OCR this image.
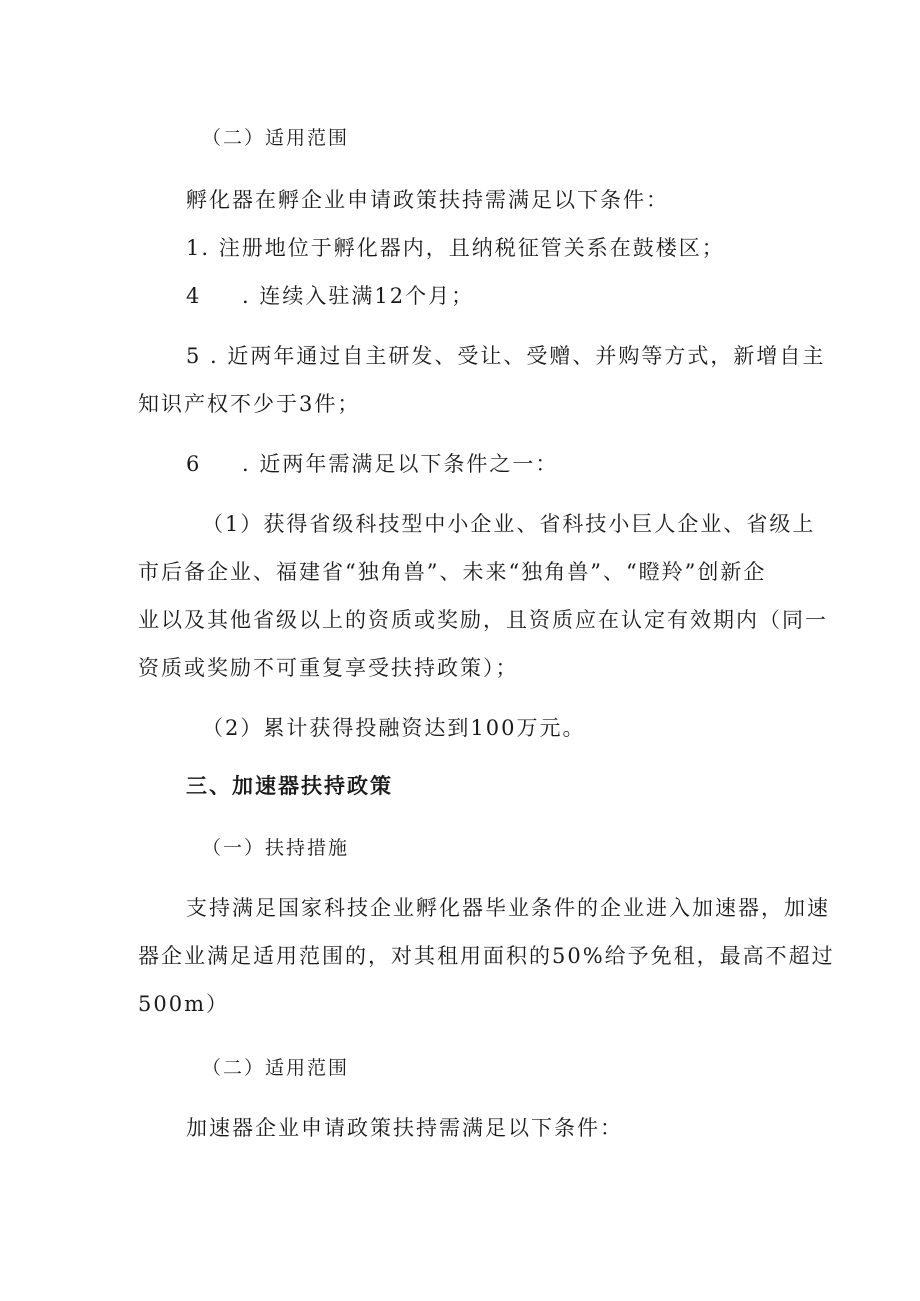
（二）适用范围
孵化器在孵企业申请政策扶持需满足以下条件：
1. 注册地位于孵化器内，且纳税征管关系在鼓楼区；
4 . 连续入驻满12个月；
5 . 近两年通过自主研发、受让、受赠、并购等方式，新增自主
知识产权不少于3件；
6 . 近两年需满足以下条件之一：
（1）获得省级科技型中小企业、省科技小巨人企业、省级上
市后备企业、福建省“独角兽”、未来“独角兽”、“瞪羚”创新企
业以及其他省级以上的资质或奖励，且资质应在认定有效期内（同一
资质或奖励不可重复享受扶持政策）；
（2）累计获得投融资达到100万元。
三、加速器扶持政策
（一）扶持措施
支持满足国家科技企业孵化器毕业条件的企业进入加速器，加速
器企业满足适用范围的，对其租用面积的50%给予免租，最高不超过
500m）
（二）适用范围
加速器企业申请政策扶持需满足以下条件：
